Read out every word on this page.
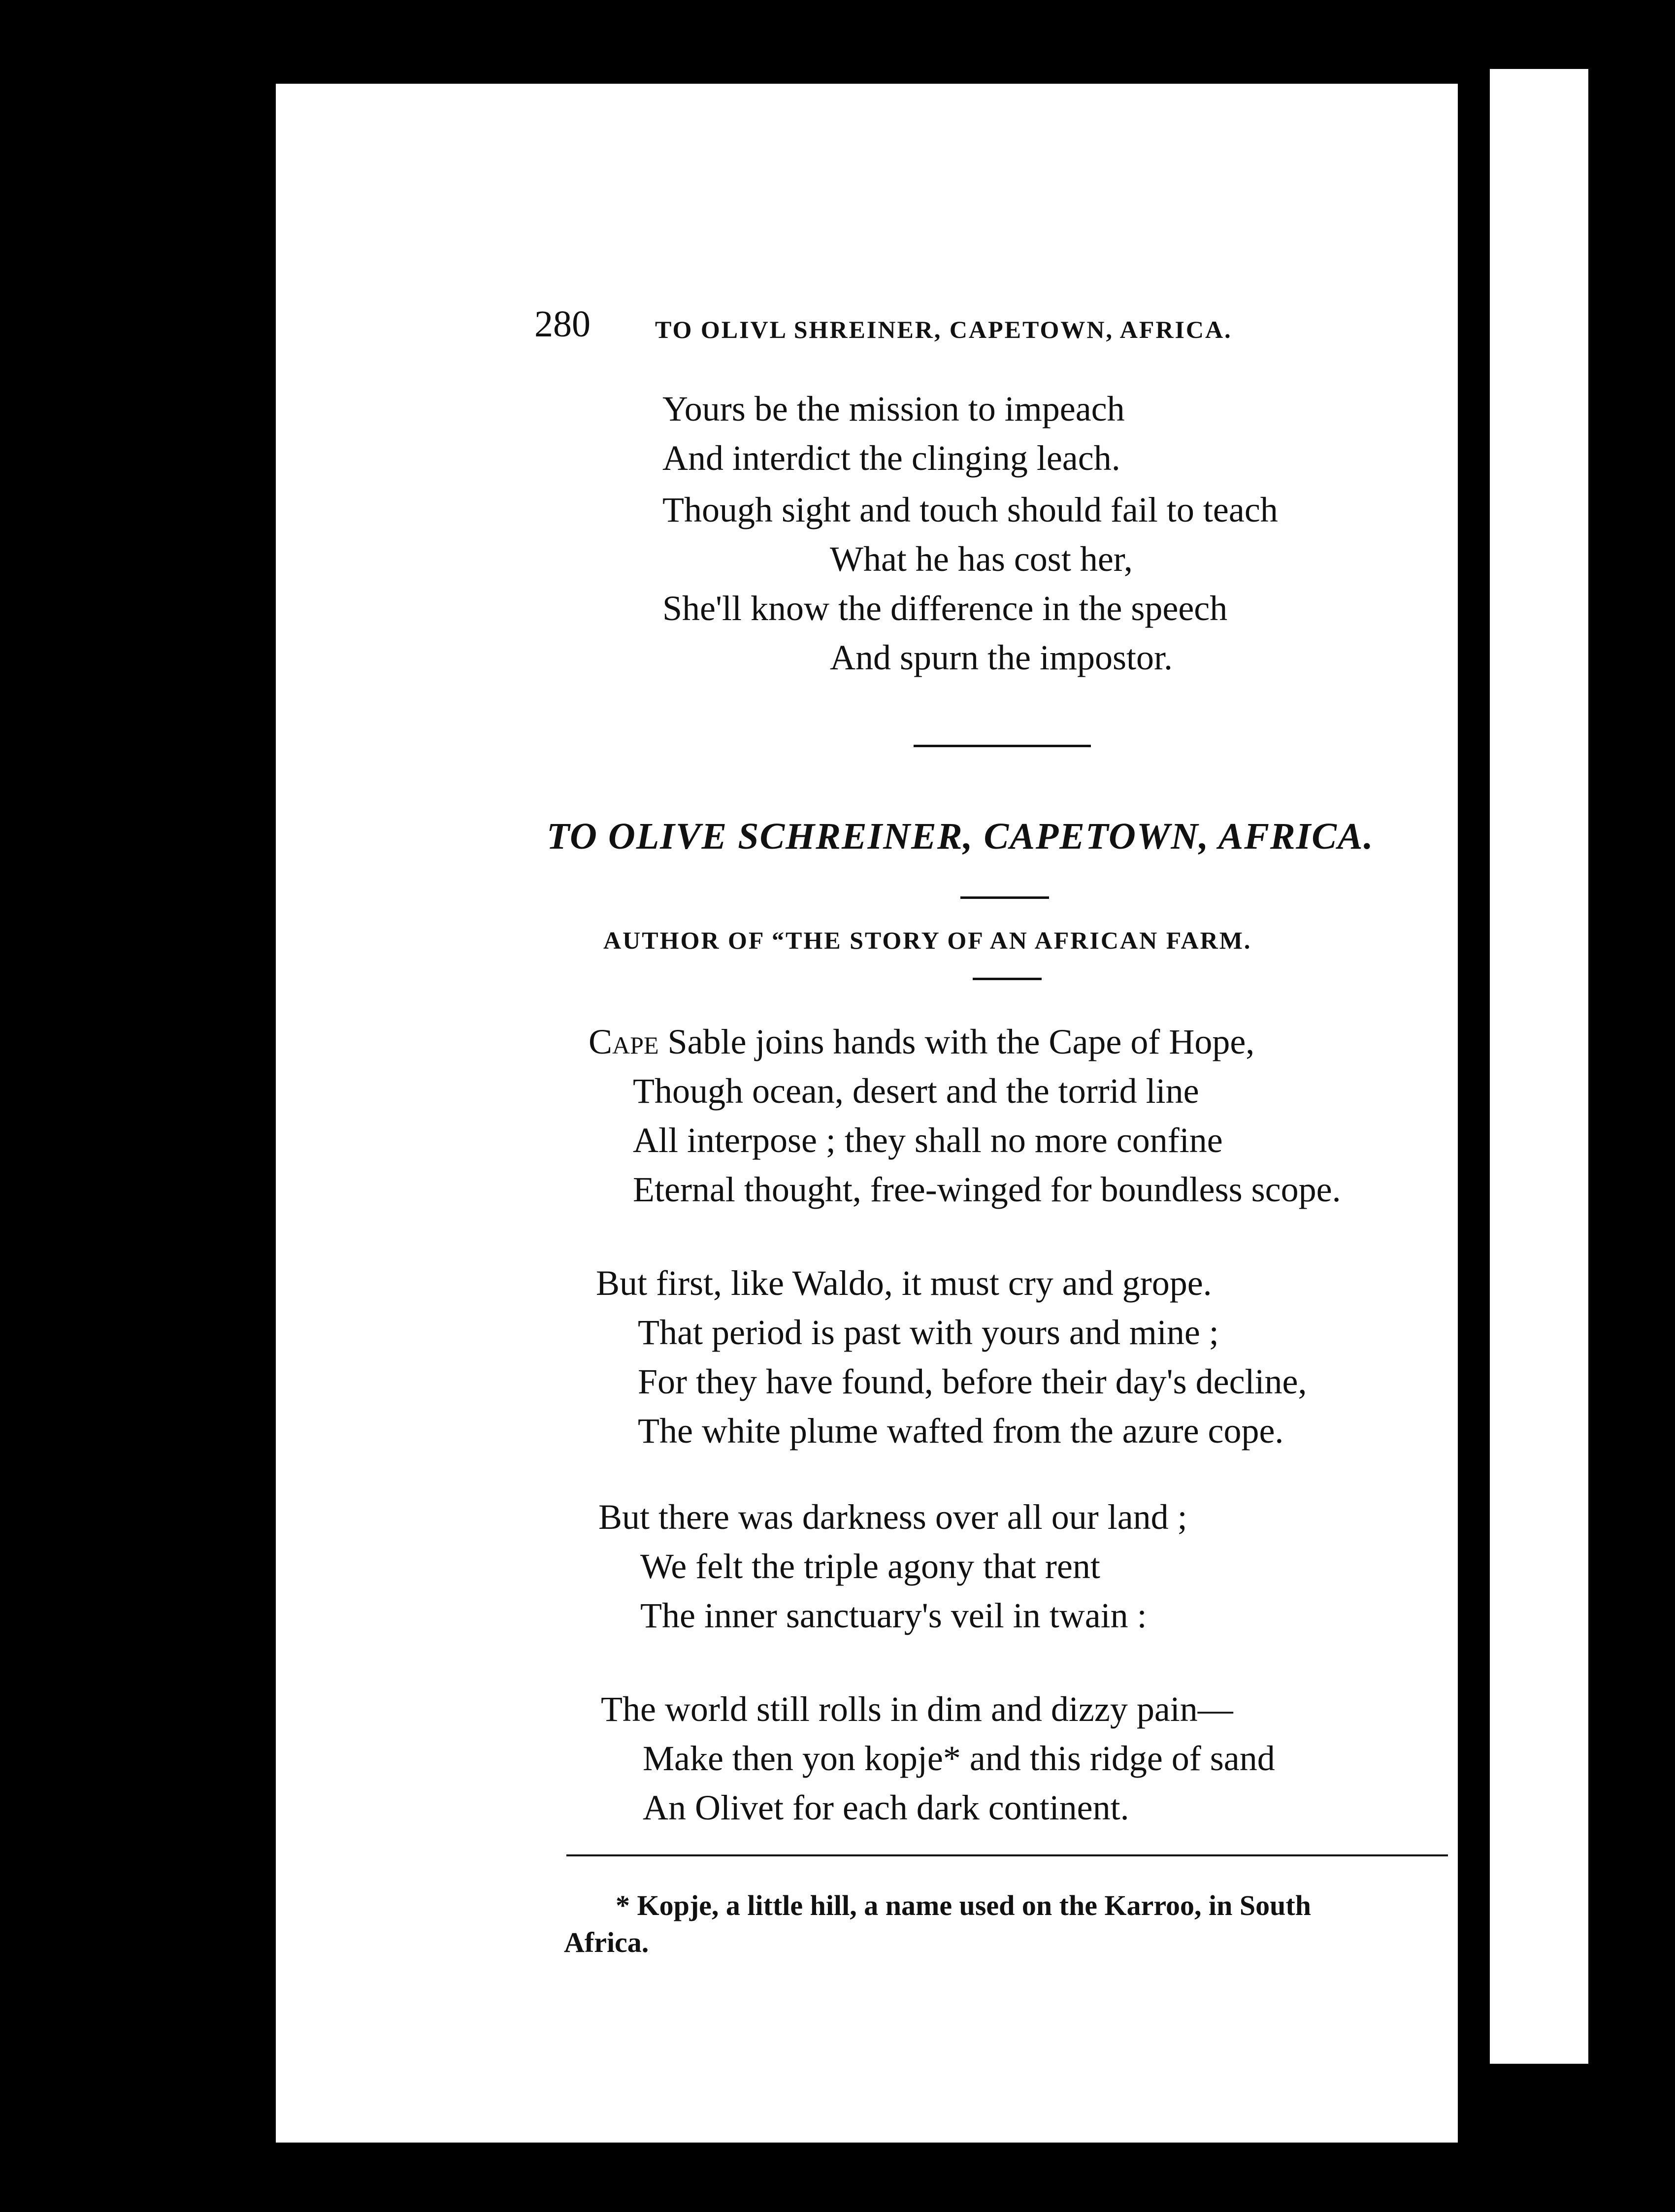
280	TO OLIVL SHREINER, CAPETOWN, AFRICA.
Yours be the mission to impeach
And interdict the clinging leach.
Though sight and touch should fail to teach
What he has cost her,
She'll know the difference in the speech
And spurn the impostor.
TO OLIVE SCHREINER, CAPETOWN, AFRICA.
AUTHOR OF “THE STORY OF AN AFRICAN FARM.
Cape Sable joins hands with the Cape of Hope,
Though ocean, desert and the torrid line
All interpose ; they shall no more confine
Eternal thought, free-winged for boundless scope.
But first, like Waldo, it must cry and grope.
That period is past with yours and mine ;
For they have found, before their day's decline,
The white plume wafted from the azure cope.
But there was darkness over all our land ;
We felt the triple agony that rent
The inner sanctuary's veil in twain :
The world still rolls in dim and dizzy pain—
Make then yon kopje* and this ridge of sand
An Olivet for each dark continent.
* Kopje, a little hill, a name used on the Karroo, in South
Africa.
